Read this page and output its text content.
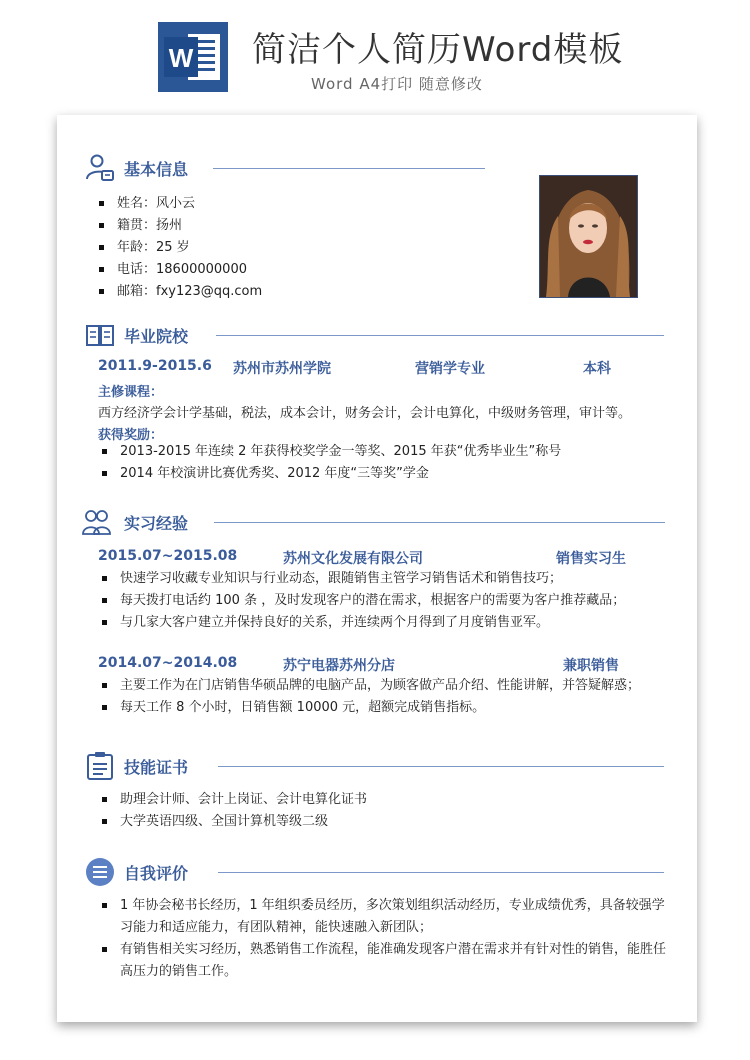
W 简洁个人简历Word模板
Word A4打印 随意修改
基本信息
姓名：风小云
籍贯：扬州
年龄：25 岁
电话：18600000000
邮箱：fxy123@qq.com
毕业院校
2011.9-2015.6 苏州市苏州学院	营销学专业	本科
主修课程：
西方经济学会计学基础，税法，成本会计，财务会计，会计电算化，中级财务管理，审计等。
获得奖励：
2013-2015 年连续 2 年获得校奖学金一等奖、2015 年获“优秀毕业生”称号
2014 年校演讲比赛优秀奖、2012 年度“三等奖”学金
实习经验
2015.07~2015.08	苏州文化发展有限公司	销售实习生
快速学习收藏专业知识与行业动态，跟随销售主管学习销售话术和销售技巧；
每天拨打电话约 100 条 ，及时发现客户的潜在需求，根据客户的需要为客户推荐藏品；
与几家大客户建立并保持良好的关系，并连续两个月得到了月度销售亚军。
2014.07~2014.08	苏宁电器苏州分店	兼职销售
主要工作为在门店销售华硕品牌的电脑产品，为顾客做产品介绍、性能讲解，并答疑解惑；
每天工作 8 个小时，日销售额 10000 元，超额完成销售指标。
技能证书
助理会计师、会计上岗证、会计电算化证书
大学英语四级、全国计算机等级二级
自我评价
1 年协会秘书长经历，1 年组织委员经历，多次策划组织活动经历，专业成绩优秀，具备较强学习能力和适应能力，有团队精神，能快速融入新团队；
有销售相关实习经历，熟悉销售工作流程，能准确发现客户潜在需求并有针对性的销售，能胜任高压力的销售工作。
